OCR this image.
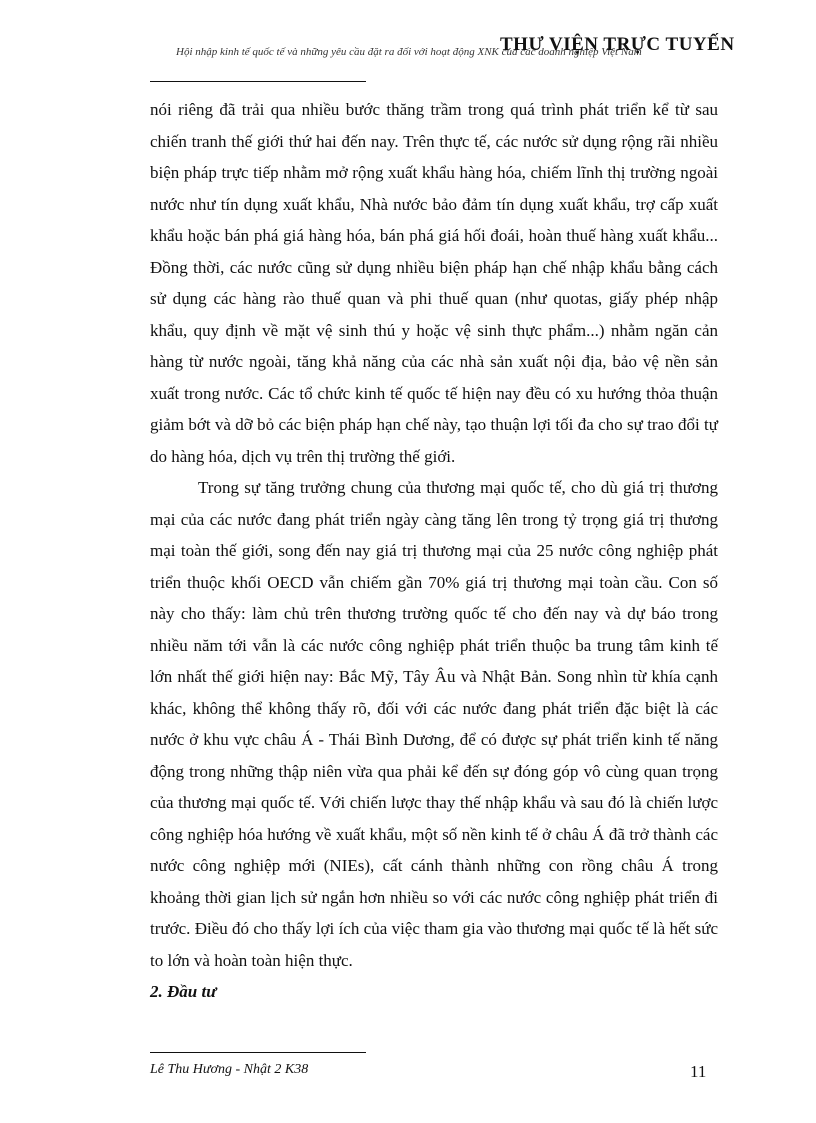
Hội nhập kinh tế quốc tế và những yêu cầu đặt ra đối với hoạt động XNK của các doanh nghiệp Việt Nam
THƯ VIỆN TRỰC TUYẾN

nói riêng đã trải qua nhiều bước thăng trầm trong quá trình phát triển kể từ sau chiến tranh thế giới thứ hai đến nay. Trên thực tế, các nước sử dụng rộng rãi nhiều biện pháp trực tiếp nhằm mở rộng xuất khẩu hàng hóa, chiếm lĩnh thị trường ngoài nước như tín dụng xuất khẩu, Nhà nước bảo đảm tín dụng xuất khẩu, trợ cấp xuất khẩu hoặc bán phá giá hàng hóa, bán phá giá hối đoái, hoàn thuế hàng xuất khẩu... Đồng thời, các nước cũng sử dụng nhiều biện pháp hạn chế nhập khẩu bằng cách sử dụng các hàng rào thuế quan và phi thuế quan (như quotas, giấy phép nhập khẩu, quy định về mặt vệ sinh thú y hoặc vệ sinh thực phẩm...) nhằm ngăn cản hàng từ nước ngoài, tăng khả năng của các nhà sản xuất nội địa, bảo vệ nền sản xuất trong nước. Các tổ chức kinh tế quốc tế hiện nay đều có xu hướng thỏa thuận giảm bớt và dỡ bỏ các biện pháp hạn chế này, tạo thuận lợi tối đa cho sự trao đổi tự do hàng hóa, dịch vụ trên thị trường thế giới.

Trong sự tăng trưởng chung của thương mại quốc tế, cho dù giá trị thương mại của các nước đang phát triển ngày càng tăng lên trong tỷ trọng giá trị thương mại toàn thế giới, song đến nay giá trị thương mại của 25 nước công nghiệp phát triển thuộc khối OECD vẫn chiếm gần 70% giá trị thương mại toàn cầu. Con số này cho thấy: làm chủ trên thương trường quốc tế cho đến nay và dự báo trong nhiều năm tới vẫn là các nước công nghiệp phát triển thuộc ba trung tâm kinh tế lớn nhất thế giới hiện nay: Bắc Mỹ, Tây Âu và Nhật Bản. Song nhìn từ khía cạnh khác, không thể không thấy rõ, đối với các nước đang phát triển đặc biệt là các nước ở khu vực châu Á - Thái Bình Dương, để có được sự phát triển kinh tế năng động trong những thập niên vừa qua phải kể đến sự đóng góp vô cùng quan trọng của thương mại quốc tế. Với chiến lược thay thế nhập khẩu và sau đó là chiến lược công nghiệp hóa hướng về xuất khẩu, một số nền kinh tế ở châu Á đã trở thành các nước công nghiệp mới (NIEs), cất cánh thành những con rồng châu Á trong khoảng thời gian lịch sử ngắn hơn nhiều so với các nước công nghiệp phát triển đi trước. Điều đó cho thấy lợi ích của việc tham gia vào thương mại quốc tế là hết sức to lớn và hoàn toàn hiện thực.

2. Đầu tư

Lê Thu Hương - Nhật 2 K38	11
